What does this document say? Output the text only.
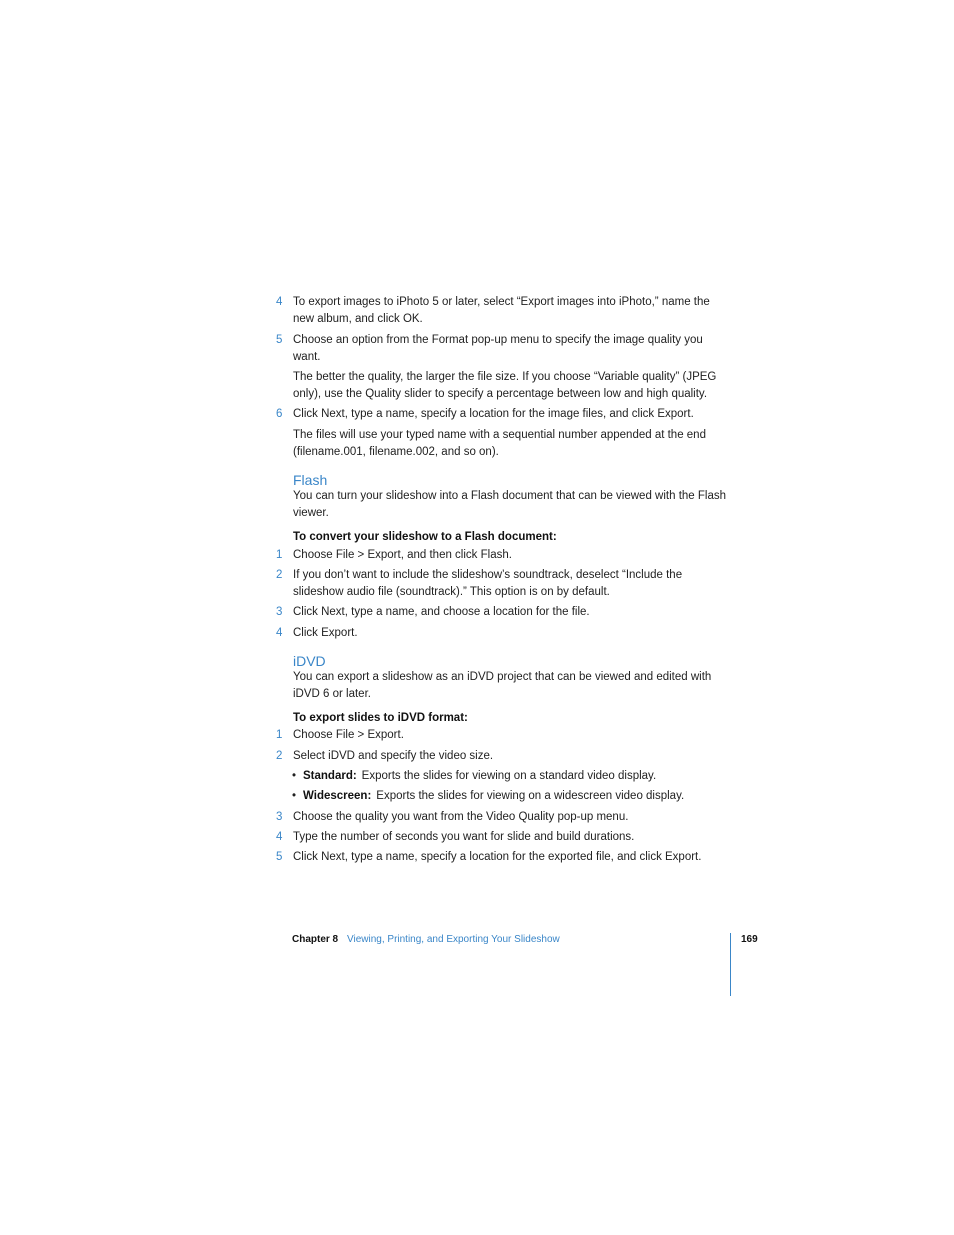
4 To export images to iPhoto 5 or later, select “Export images into iPhoto,” name the new album, and click OK.
5 Choose an option from the Format pop-up menu to specify the image quality you want.
The better the quality, the larger the file size. If you choose “Variable quality” (JPEG only), use the Quality slider to specify a percentage between low and high quality.
6 Click Next, type a name, specify a location for the image files, and click Export.
The files will use your typed name with a sequential number appended at the end (filename.001, filename.002, and so on).
Flash
You can turn your slideshow into a Flash document that can be viewed with the Flash viewer.
To convert your slideshow to a Flash document:
1 Choose File > Export, and then click Flash.
2 If you don’t want to include the slideshow’s soundtrack, deselect “Include the slideshow audio file (soundtrack).” This option is on by default.
3 Click Next, type a name, and choose a location for the file.
4 Click Export.
iDVD
You can export a slideshow as an iDVD project that can be viewed and edited with iDVD 6 or later.
To export slides to iDVD format:
1 Choose File > Export.
2 Select iDVD and specify the video size.
• Standard: Exports the slides for viewing on a standard video display.
• Widescreen: Exports the slides for viewing on a widescreen video display.
3 Choose the quality you want from the Video Quality pop-up menu.
4 Type the number of seconds you want for slide and build durations.
5 Click Next, type a name, specify a location for the exported file, and click Export.
Chapter 8 Viewing, Printing, and Exporting Your Slideshow	169
